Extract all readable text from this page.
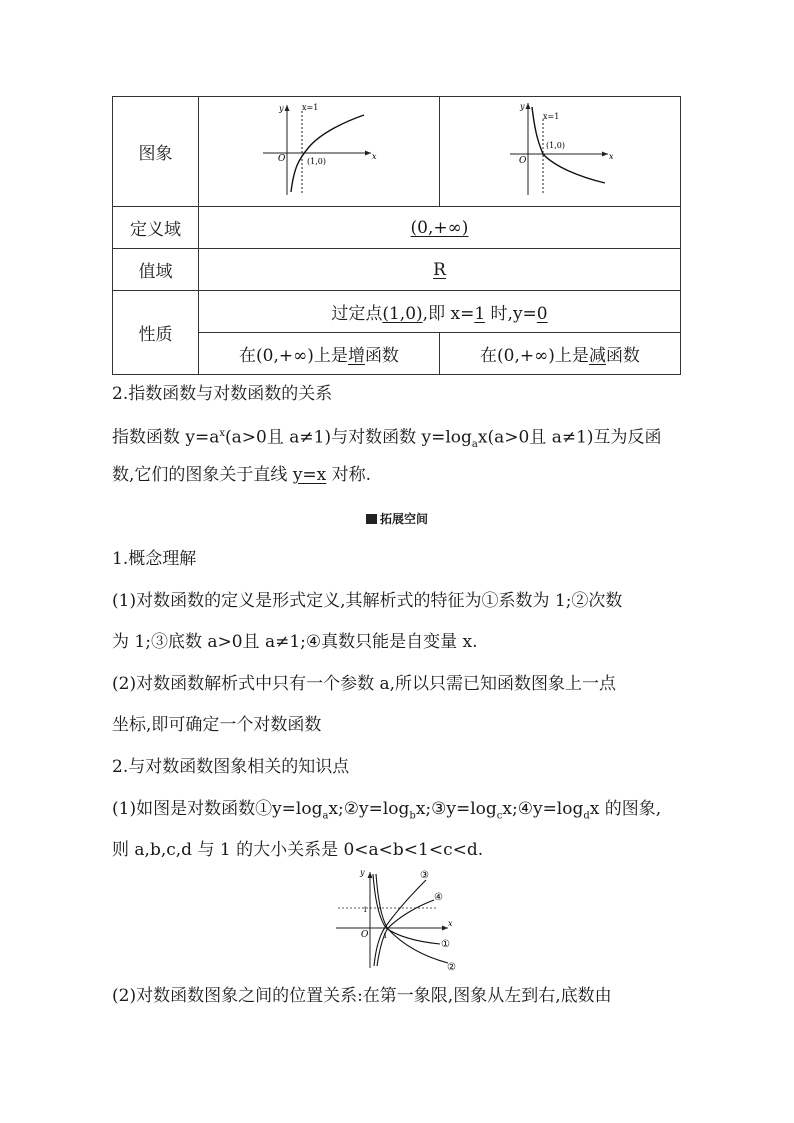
图象	y
x
O
x=1
(1,0)	y
x
O
x=1
(1,0)

定义域	(0,+∞)	
值域	R	
性质	过定点(1,0),即 x=1 时,y=0	
	在(0,+∞)上是增函数	在(0,+∞)上是减函数
2.指数函数与对数函数的关系
指数函数 $y=a^x(a>0$且 a≠1)与对数函数 $y=\log_ax(a>0$且 a≠1)互为反函
数,它们的图象关于直线 y=x 对称.
拓展空间
1.概念理解
(1)对数函数的定义是形式定义,其解析式的特征为①系数为 1;②次数
为 1;③底数 a>0且 a≠1;④真数只能是自变量 x.
(2)对数函数解析式中只有一个参数 a,所以只需已知函数图象上一点
坐标,即可确定一个对数函数
2.与对数函数图象相关的知识点
(1)如图是对数函数$①y=\log_ax;②y=\log_bx;③y=\log_cx;④y=\log_dx$ 的图象,
则 a,b,c,d 与 1 的大小关系是 0<a<b<1<c<d.
y
x
O
1
1
③
④
①
②
(2)对数函数图象之间的位置关系:在第一象限,图象从左到右,底数由
